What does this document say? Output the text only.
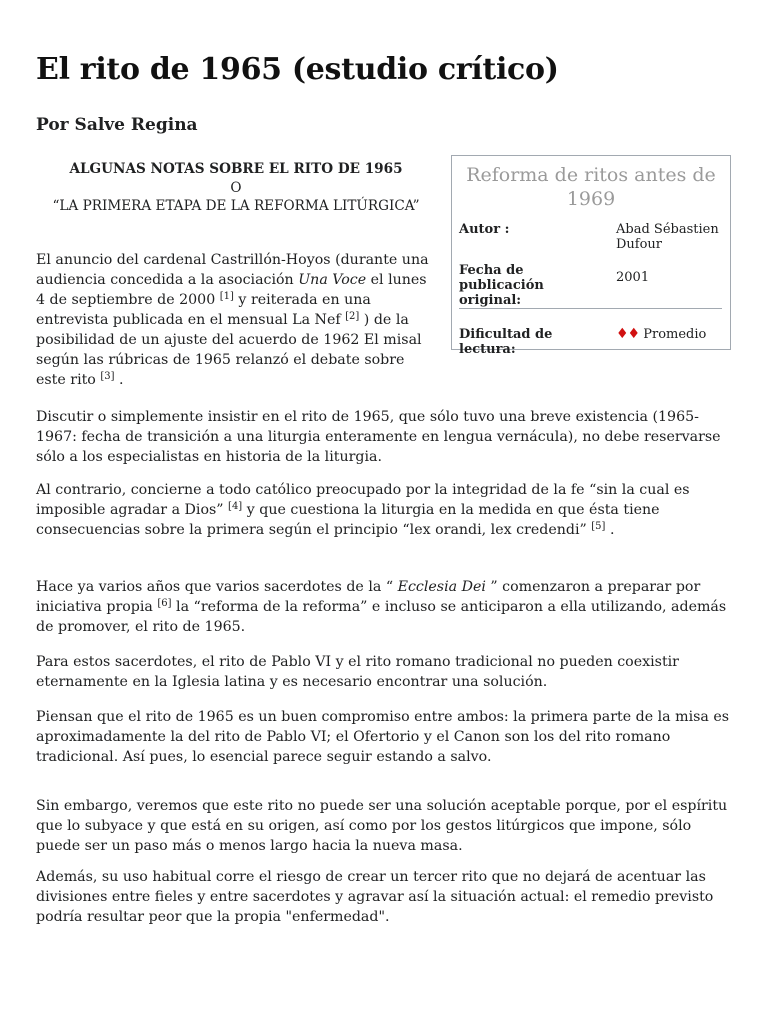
El rito de 1965 (estudio crítico)
Por Salve Regina
ALGUNAS NOTAS SOBRE EL RITO DE 1965
O
“LA PRIMERA ETAPA DE LA REFORMA LITÚRGICA”
Reforma de ritos antes de 1969
Autor :	Abad Sébastien Dufour
Fecha de publicación original:
2001
Dificultad de lectura:
♦♦ Promedio

El anuncio del cardenal Castrillón-Hoyos (durante una audiencia concedida a la asociación Una Voce el lunes 4 de septiembre de 2000 [1] y reiterada en una entrevista publicada en el mensual La Nef [2] ) de la posibilidad de un ajuste del acuerdo de 1962 El misal según las rúbricas de 1965 relanzó el debate sobre este rito [3] .

Discutir o simplemente insistir en el rito de 1965, que sólo tuvo una breve existencia (1965-1967: fecha de transición a una liturgia enteramente en lengua vernácula), no debe reservarse sólo a los especialistas en historia de la liturgia.

Al contrario, concierne a todo católico preocupado por la integridad de la fe “sin la cual es imposible agradar a Dios” [4] y que cuestiona la liturgia en la medida en que ésta tiene consecuencias sobre la primera según el principio “lex orandi, lex credendi” [5] .

Hace ya varios años que varios sacerdotes de la “ Ecclesia Dei ” comenzaron a preparar por iniciativa propia [6] la “reforma de la reforma” e incluso se anticiparon a ella utilizando, además de promover, el rito de 1965.

Para estos sacerdotes, el rito de Pablo VI y el rito romano tradicional no pueden coexistir eternamente en la Iglesia latina y es necesario encontrar una solución.

Piensan que el rito de 1965 es un buen compromiso entre ambos: la primera parte de la misa es aproximadamente la del rito de Pablo VI; el Ofertorio y el Canon son los del rito romano tradicional. Así pues, lo esencial parece seguir estando a salvo.

Sin embargo, veremos que este rito no puede ser una solución aceptable porque, por el espíritu que lo subyace y que está en su origen, así como por los gestos litúrgicos que impone, sólo puede ser un paso más o menos largo hacia la nueva masa.

Además, su uso habitual corre el riesgo de crear un tercer rito que no dejará de acentuar las divisiones entre fieles y entre sacerdotes y agravar así la situación actual: el remedio previsto podría resultar peor que la propia "enfermedad".
